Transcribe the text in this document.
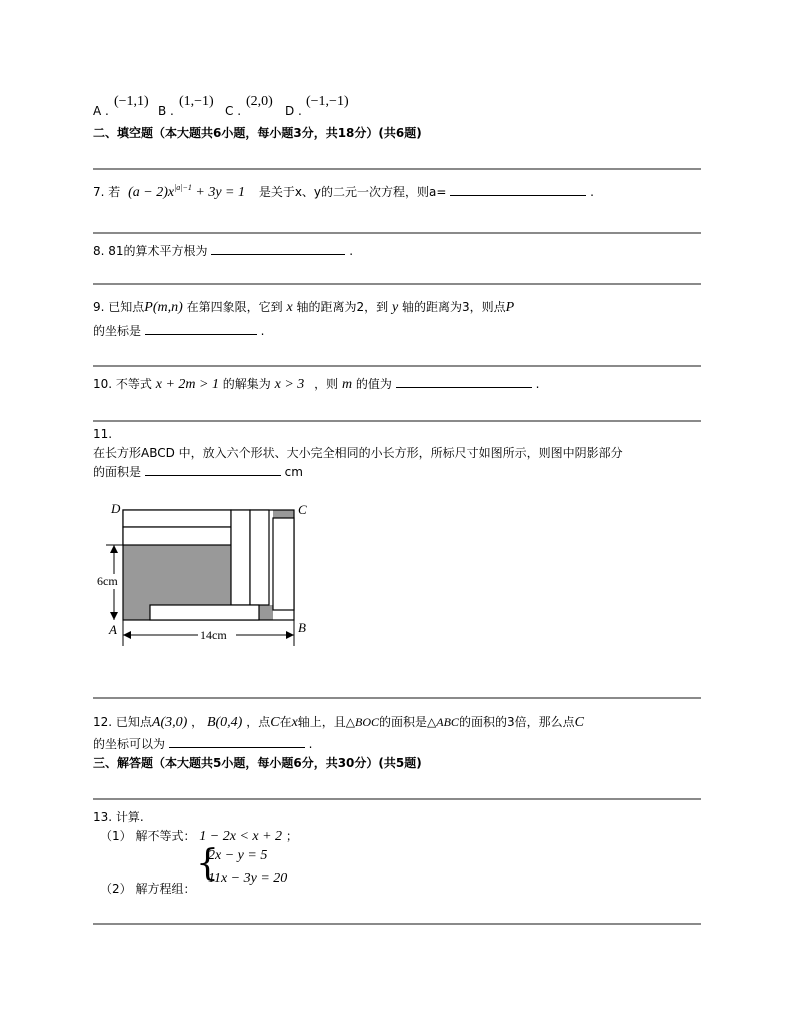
A .
(−1,1)
B .
(1,−1)
C .
(2,0)
D .
(−1,−1)
二、填空题（本大题共6小题，每小题3分，共18分）(共6题)
7. 若 $(a - 2)x^{|a|-1} + 3y = 1$ 是关于x、y的二元一次方程，则a=	.
8. 81的算术平方根为	.
9. 已知点P(m,n) 在第四象限，它到 x 轴的距离为2，到 y 轴的距离为3，则点P
的坐标是	.
10. 不等式 x + 2m > 1 的解集为 x > 3 ，则 m 的值为	.
11.
在长方形ABCD 中，放入六个形状、大小完全相同的小长方形，所标尺寸如图所示，则图中阴影部分
的面积是	cm
D	C
A	B
6cm
14cm
12. 已知点A(3,0) ， B(0,4) ，点C在x轴上，且△BOC的面积是△ABC的面积的3倍，那么点C
的坐标可以为	.
三、解答题（本大题共5小题，每小题6分，共30分）(共5题)
13. 计算.
（1） 解不等式： 1 − 2x < x + 2 ；
（2） 解方程组：
{
2x − y = 5
11x − 3y = 20
